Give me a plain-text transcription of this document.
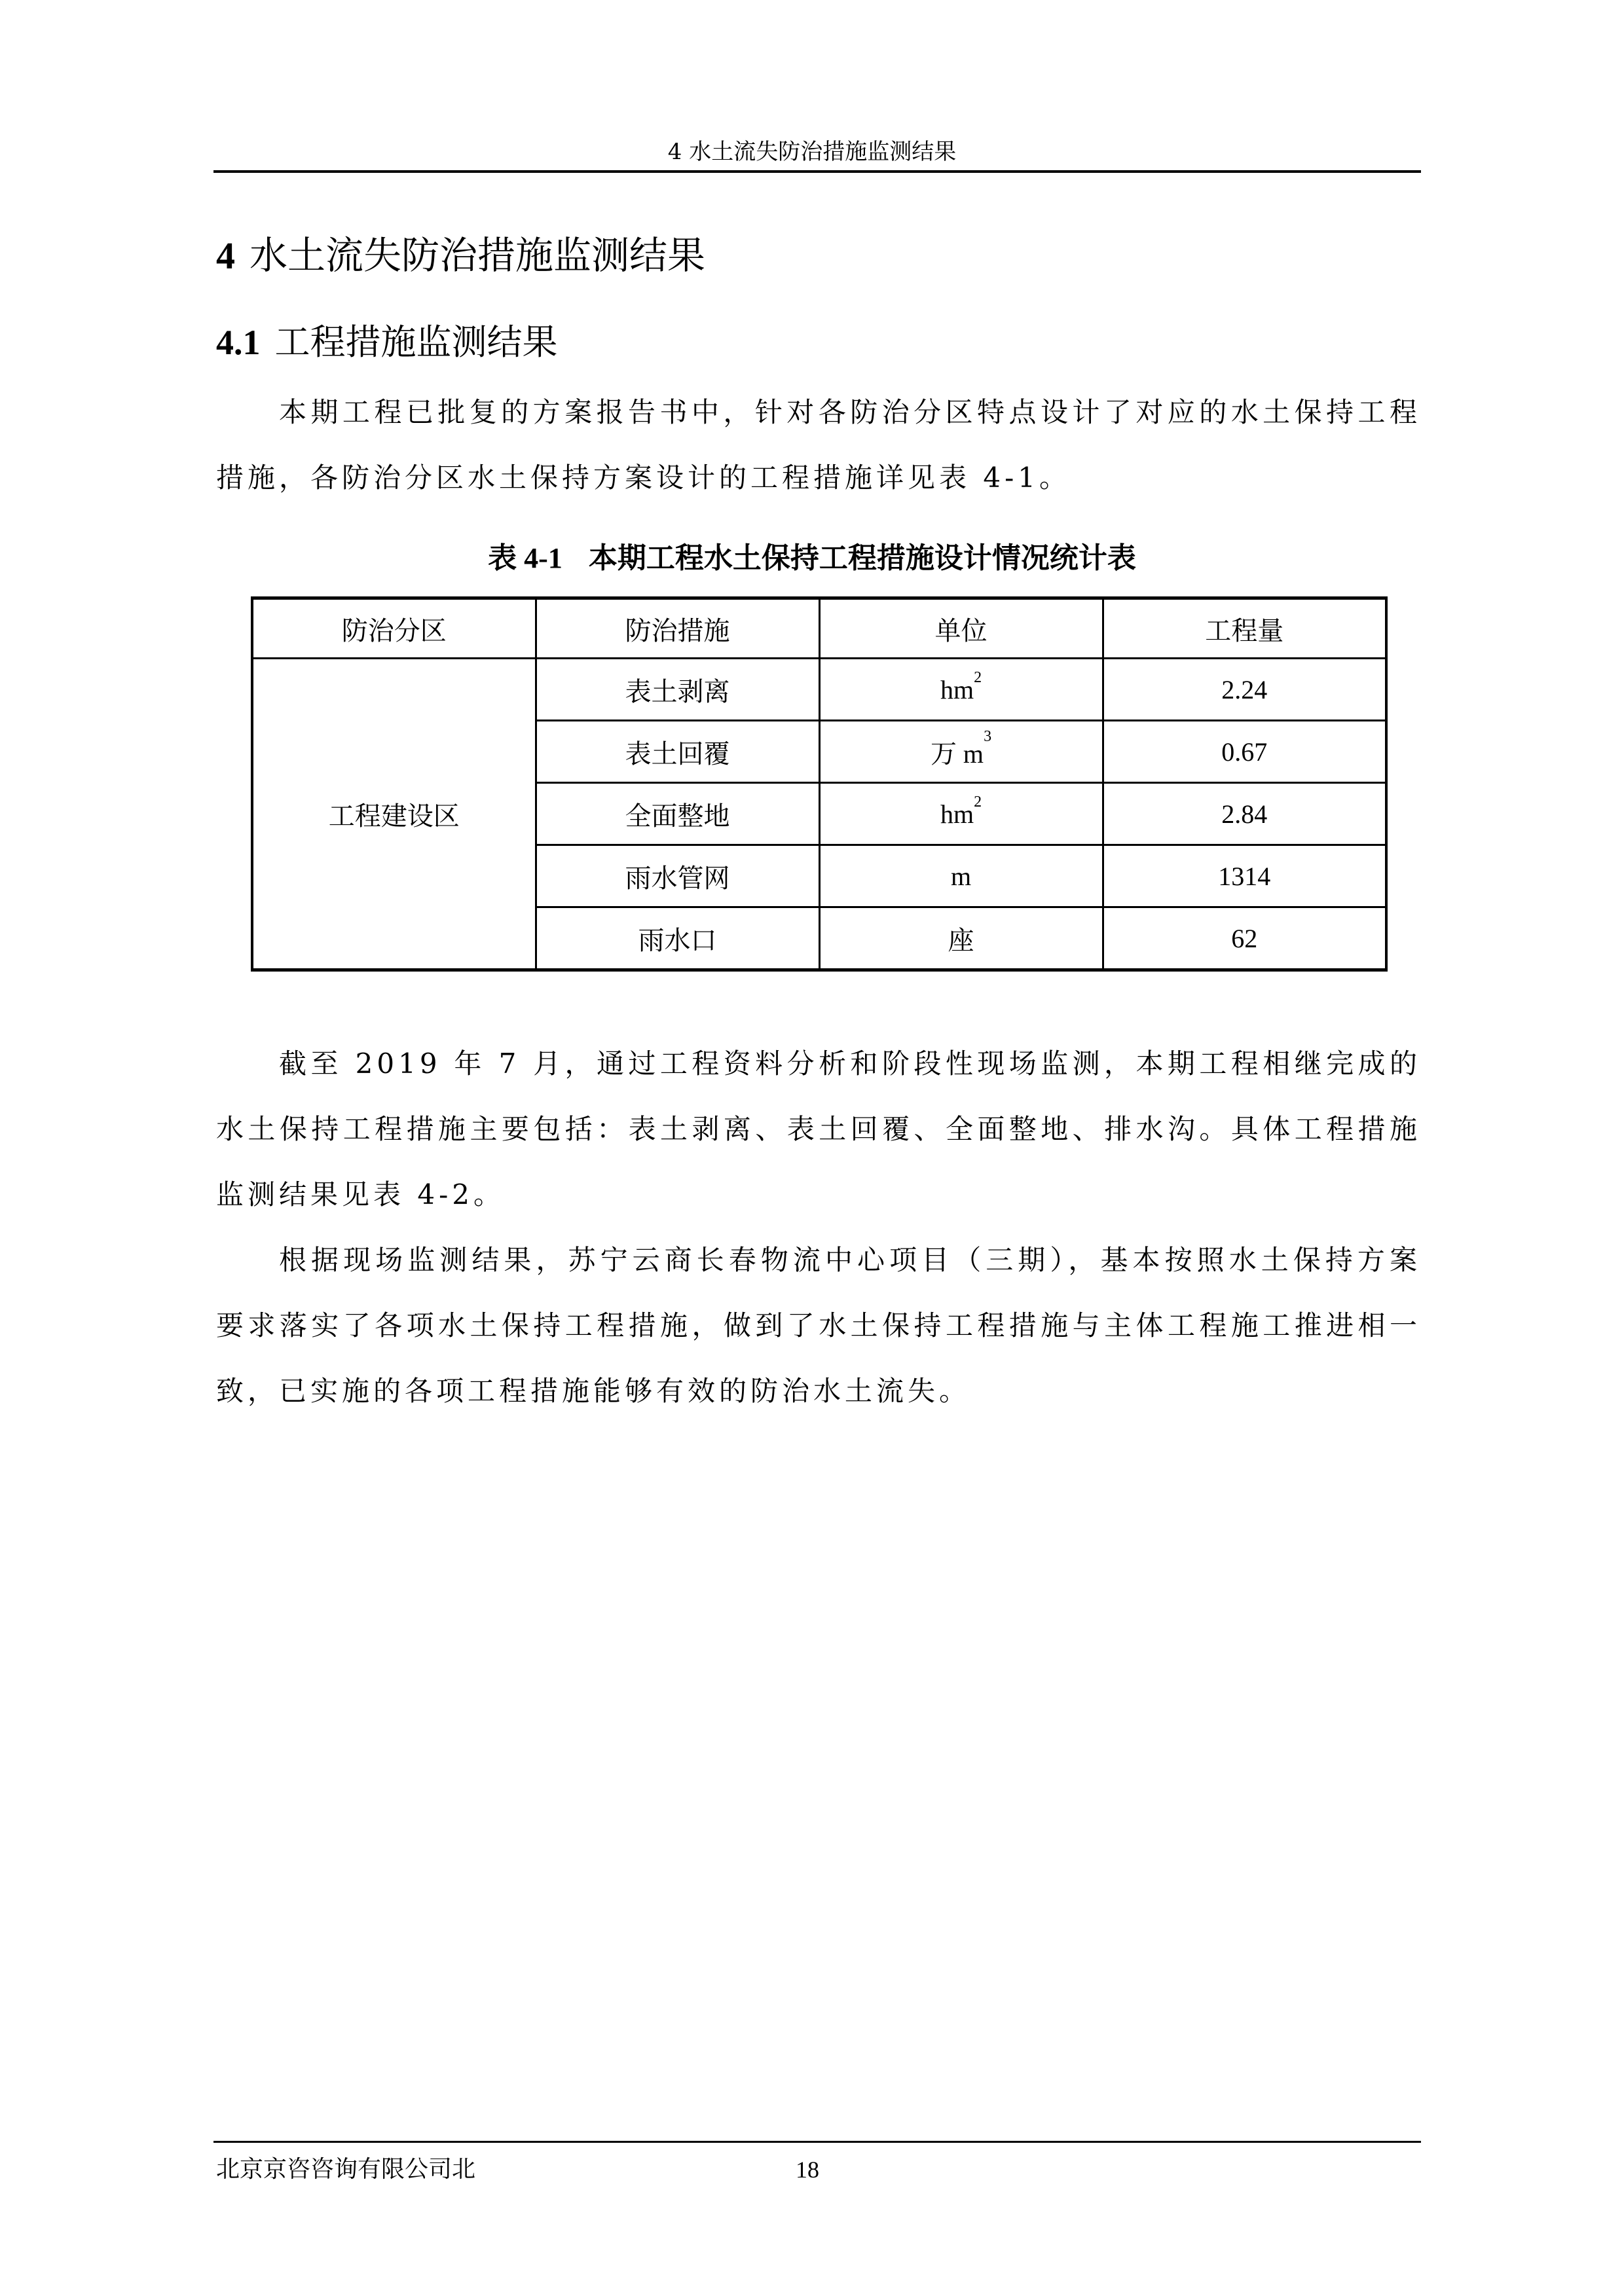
4 水土流失防治措施监测结果
4 水土流失防治措施监测结果
4.1 工程措施监测结果

本期工程已批复的方案报告书中，针对各防治分区特点设计了对应的水土保持工程措施，各防治分区水土保持方案设计的工程措施详见表 4-1。

表 4-1 本期工程水土保持工程措施设计情况统计表
防治分区	防治措施	单位	工程量
工程建设区	表土剥离	$hm^2$	2.24
	表土回覆	万 $m^3$	0.67
	全面整地	$hm^2$	2.84
	雨水管网	m	1314
	雨水口	座	62

截至 2019 年 7 月，通过工程资料分析和阶段性现场监测，本期工程相继完成的水土保持工程措施主要包括：表土剥离、表土回覆、全面整地、排水沟。具体工程措施监测结果见表 4-2。

根据现场监测结果，苏宁云商长春物流中心项目（三期），基本按照水土保持方案要求落实了各项水土保持工程措施，做到了水土保持工程措施与主体工程施工推进相一致，已实施的各项工程措施能够有效的防治水土流失。

北京京咨咨询有限公司北	18
